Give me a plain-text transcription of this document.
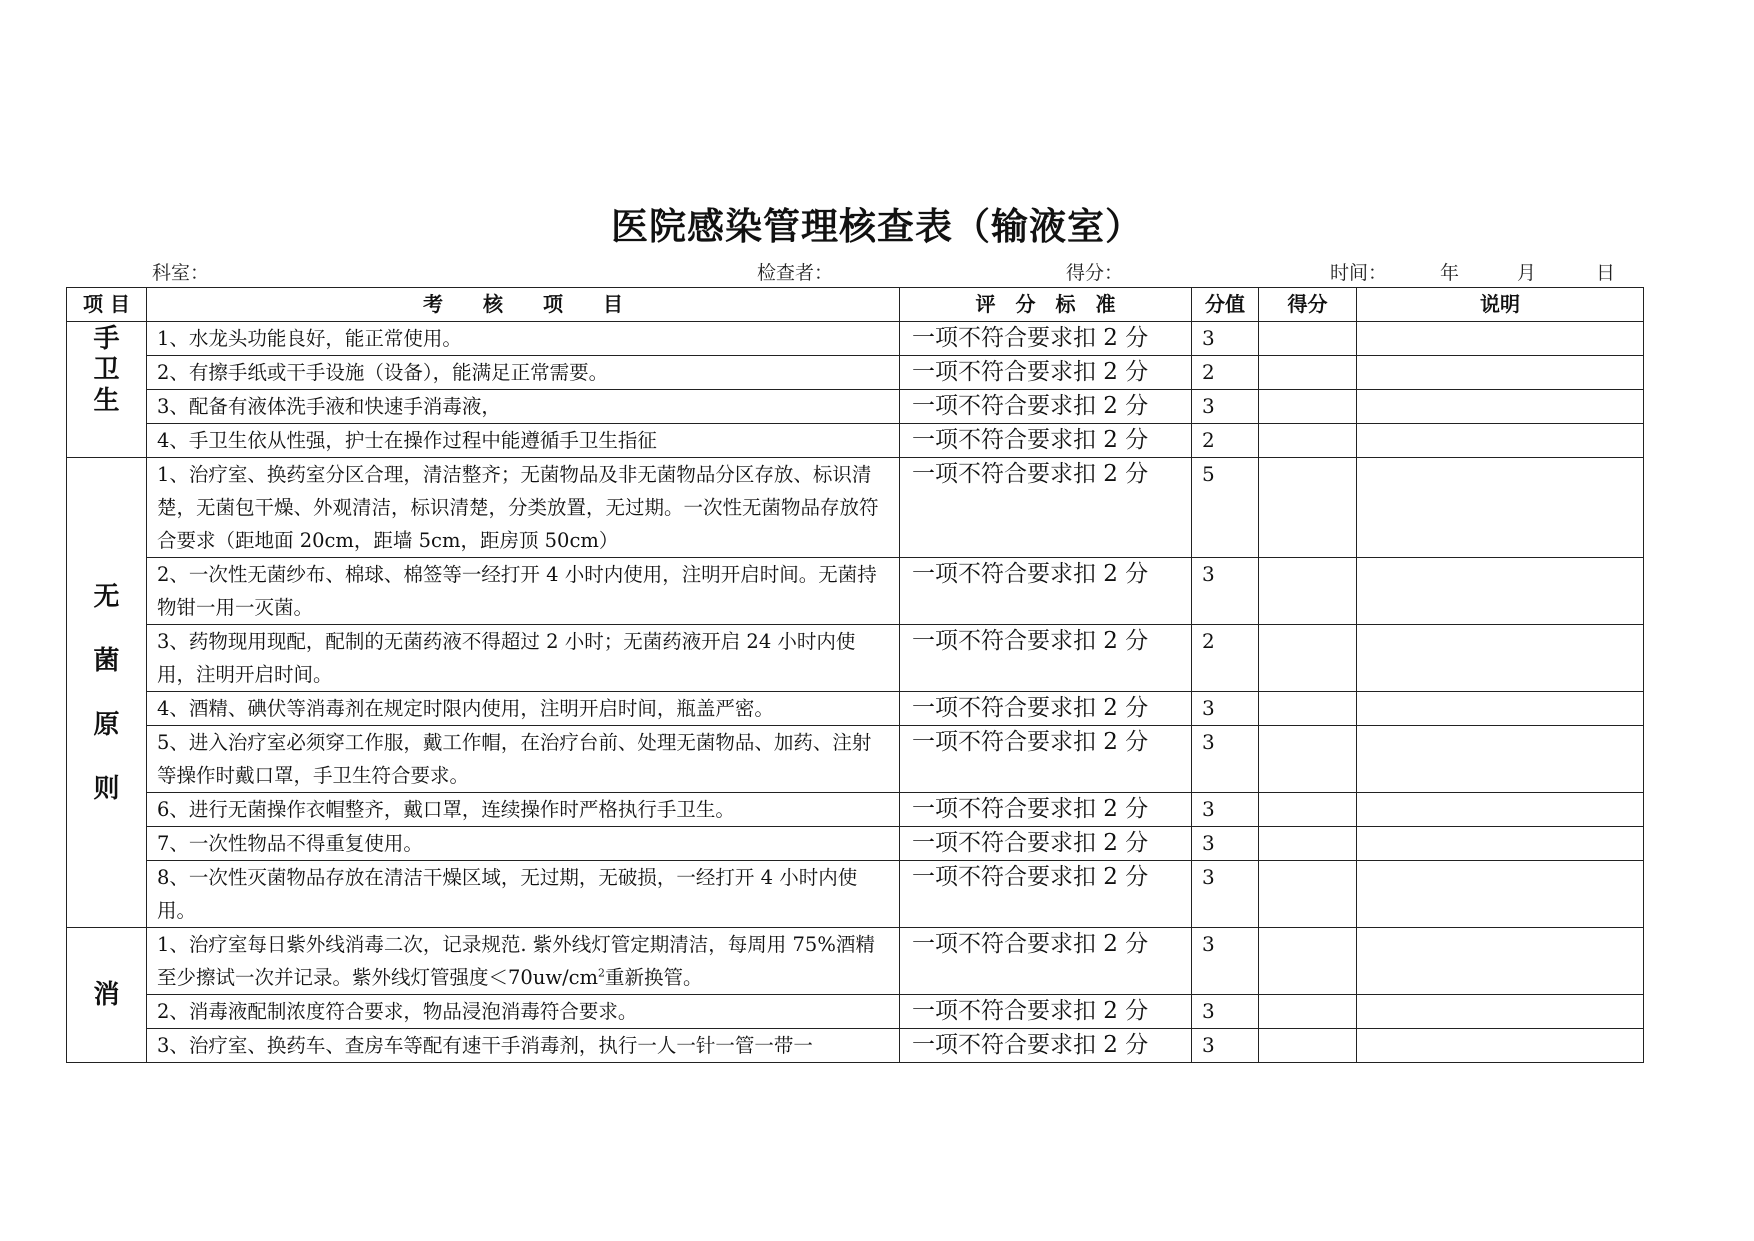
医院感染管理核查表（输液室）
科室：	检查者：	得分：	时间：	年	月	日
项 目	考　　核　　项　　目	评　分　标　准	分值	得分	说明

手
卫
生	1、水龙头功能良好，能正常使用。	一项不符合要求扣 2 分	3		
	2、有擦手纸或干手设施（设备），能满足正常需要。	一项不符合要求扣 2 分	2		
	3、配备有液体洗手液和快速手消毒液，	一项不符合要求扣 2 分	3		
	4、手卫生依从性强，护士在操作过程中能遵循手卫生指征	一项不符合要求扣 2 分	2		

无
菌
原
则	1、治疗室、换药室分区合理，清洁整齐；无菌物品及非无菌物品分区存放、标识清楚，无菌包干燥、外观清洁，标识清楚，分类放置，无过期。一次性无菌物品存放符合要求（距地面 20cm，距墙 5cm，距房顶 50cm）	一项不符合要求扣 2 分	5		
	2、一次性无菌纱布、棉球、棉签等一经打开 4 小时内使用，注明开启时间。无菌持物钳一用一灭菌。	一项不符合要求扣 2 分	3		
	3、药物现用现配，配制的无菌药液不得超过 2 小时；无菌药液开启 24 小时内使用，注明开启时间。	一项不符合要求扣 2 分	2		
	4、酒精、碘伏等消毒剂在规定时限内使用，注明开启时间，瓶盖严密。	一项不符合要求扣 2 分	3		
	5、进入治疗室必须穿工作服，戴工作帽，在治疗台前、处理无菌物品、加药、注射等操作时戴口罩，手卫生符合要求。	一项不符合要求扣 2 分	3		
	6、进行无菌操作衣帽整齐，戴口罩，连续操作时严格执行手卫生。	一项不符合要求扣 2 分	3		
	7、一次性物品不得重复使用。	一项不符合要求扣 2 分	3		
	8、一次性灭菌物品存放在清洁干燥区域，无过期，无破损，一经打开 4 小时内使用。	一项不符合要求扣 2 分	3		

消	1、治疗室每日紫外线消毒二次，记录规范. 紫外线灯管定期清洁，每周用 75%酒精至少擦试一次并记录。紫外线灯管强度$<70uw/cm^2$重新换管。	一项不符合要求扣 2 分	3		
	2、消毒液配制浓度符合要求，物品浸泡消毒符合要求。	一项不符合要求扣 2 分	3		
	3、治疗室、换药车、查房车等配有速干手消毒剂，执行一人一针一管一带一	一项不符合要求扣 2 分	3		
